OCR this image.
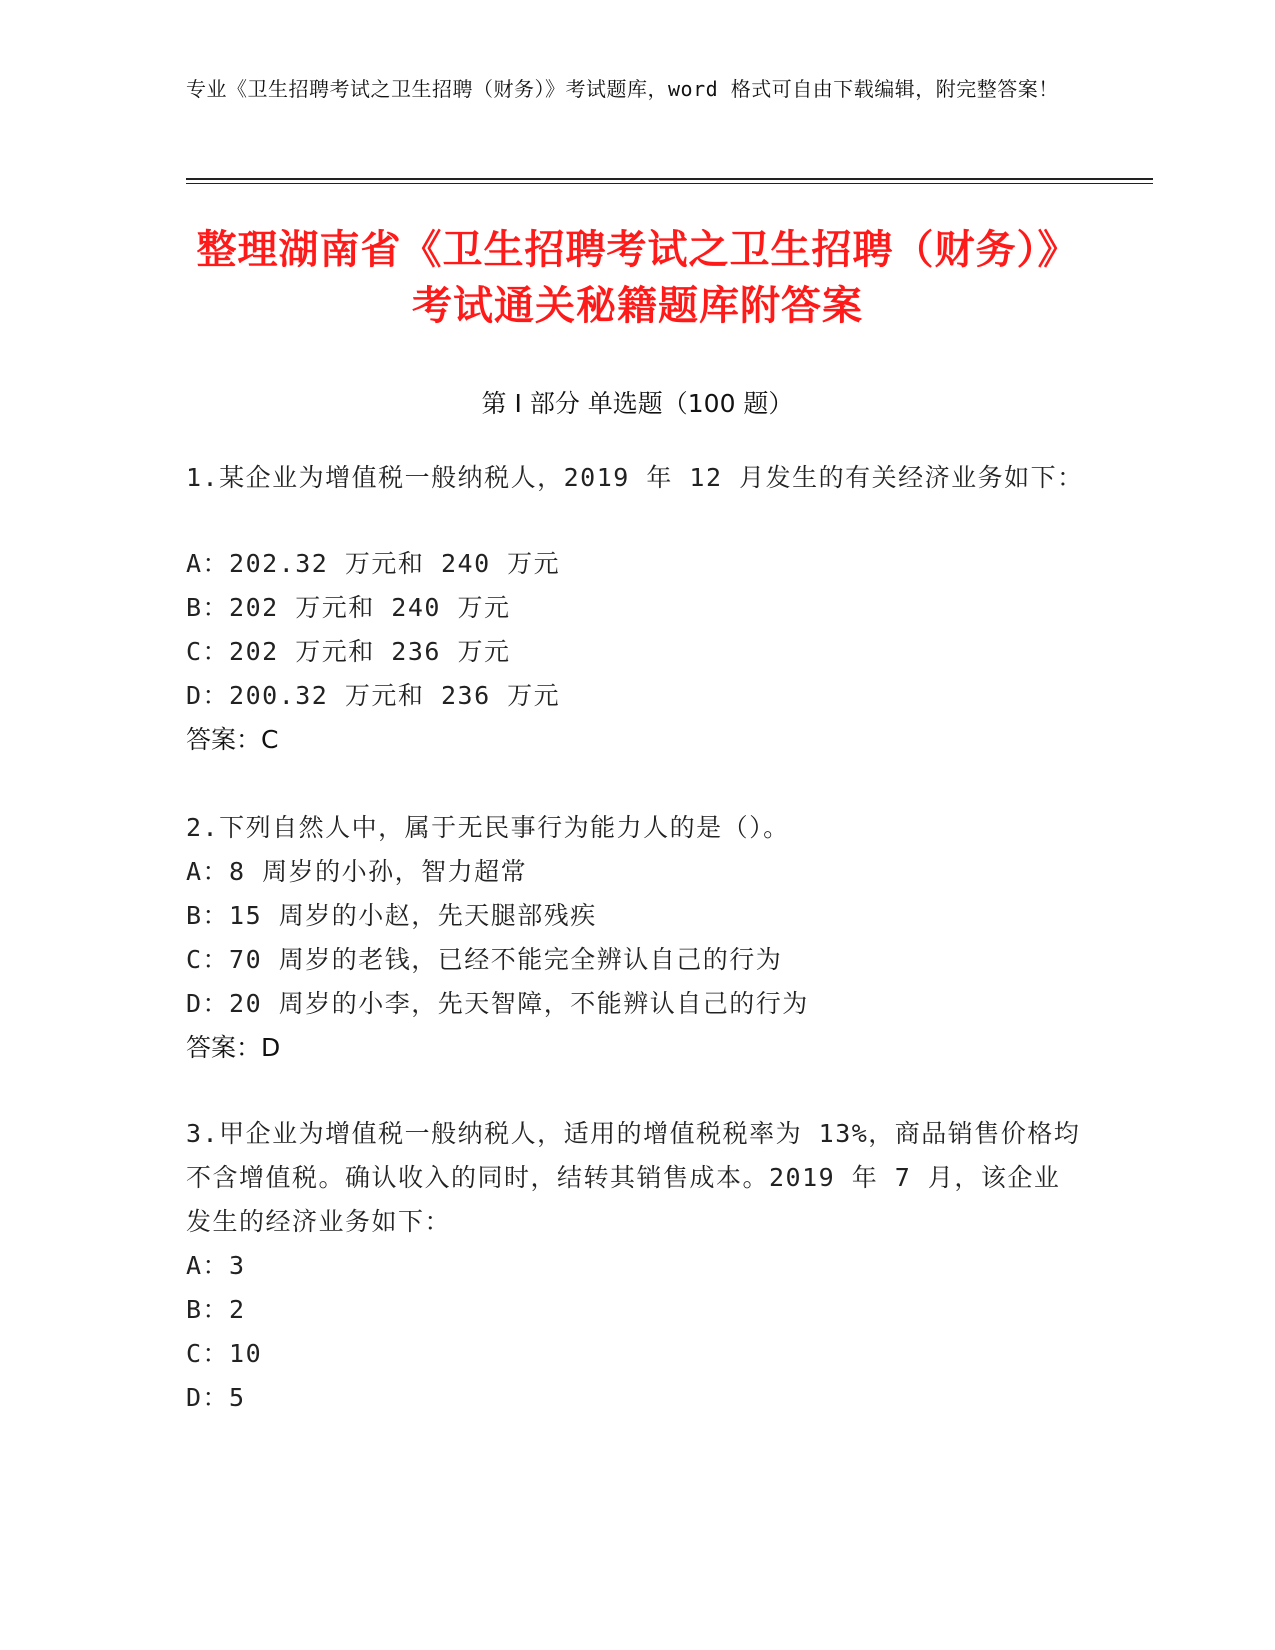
专业《卫生招聘考试之卫生招聘（财务）》考试题库，word 格式可自由下载编辑，附完整答案！
整理湖南省《卫生招聘考试之卫生招聘（财务）》考试通关秘籍题库附答案
第 I 部分 单选题（100 题）
1.某企业为增值税一般纳税人，2019 年 12 月发生的有关经济业务如下：
A：202.32 万元和 240 万元
B：202 万元和 240 万元
C：202 万元和 236 万元
D：200.32 万元和 236 万元
答案：C
2.下列自然人中，属于无民事行为能力人的是（）。
A：8 周岁的小孙，智力超常
B：15 周岁的小赵，先天腿部残疾
C：70 周岁的老钱，已经不能完全辨认自己的行为
D：20 周岁的小李，先天智障，不能辨认自己的行为
答案：D
3.甲企业为增值税一般纳税人，适用的增值税税率为 13%，商品销售价格均不含增值税。确认收入的同时，结转其销售成本。2019 年 7 月，该企业发生的经济业务如下：
A：3
B：2
C：10
D：5
